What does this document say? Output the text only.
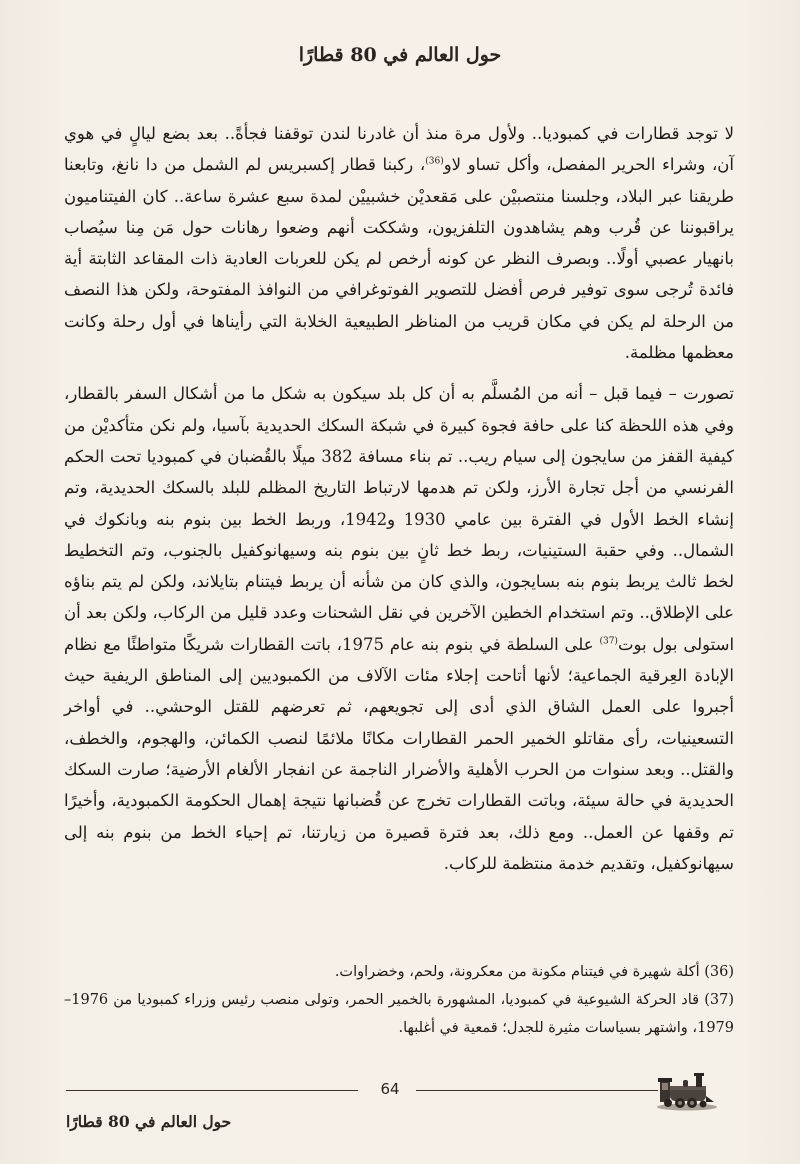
حول العالم في 80 قطارًا

لا توجد قطارات في كمبوديا.. ولأول مرة منذ أن غادرنا لندن توقفنا فجأةً.. بعد بضع ليالٍ في هوي آن، وشراء الحرير المفصل، وأكل تساو لاو$^{(36)}$، ركبنا قطار إكسبريس لم الشمل من دا نانغ، وتابعنا طريقنا عبر البلاد، وجلسنا منتصبيْن على مَقعديْن خشبييْن لمدة سبع عشرة ساعة.. كان الفيتناميون يراقبوننا عن قُرب وهم يشاهدون التلفزيون، وشككت أنهم وضعوا رهانات حول مَن مِنا سيُصاب بانهيار عصبي أولًا.. وبصرف النظر عن كونه أرخص لم يكن للعربات العادية ذات المقاعد الثابتة أية فائدة تُرجى سوى توفير فرص أفضل للتصوير الفوتوغرافي من النوافذ المفتوحة، ولكن هذا النصف من الرحلة لم يكن في مكان قريب من المناظر الطبيعية الخلابة التي رأيناها في أول رحلة وكانت معظمها مظلمة.

تصورت – فيما قبل – أنه من المُسلَّم به أن كل بلد سيكون به شكل ما من أشكال السفر بالقطار، وفي هذه اللحظة كنا على حافة فجوة كبيرة في شبكة السكك الحديدية بآسيا، ولم نكن متأكديْن من كيفية القفز من سايجون إلى سيام ريب.. تم بناء مسافة 382 ميلًا بالقُضبان في كمبوديا تحت الحكم الفرنسي من أجل تجارة الأرز، ولكن تم هدمها لارتباط التاريخ المظلم للبلد بالسكك الحديدية، وتم إنشاء الخط الأول في الفترة بين عامي 1930 و1942، وربط الخط بين بنوم بنه وبانكوك في الشمال.. وفي حقبة الستينيات، ربط خط ثانٍ بين بنوم بنه وسيهانوكفيل بالجنوب، وتم التخطيط لخط ثالث يربط بنوم بنه بسايجون، والذي كان من شأنه أن يربط فيتنام بتايلاند، ولكن لم يتم بناؤه على الإطلاق.. وتم استخدام الخطين الآخرين في نقل الشحنات وعدد قليل من الركاب، ولكن بعد أن استولى بول بوت$^{(37)}$ على السلطة في بنوم بنه عام 1975، باتت القطارات شريكًا متواطئًا مع نظام الإبادة العِرقية الجماعية؛ لأنها أتاحت إجلاء مئات الآلاف من الكمبوديين إلى المناطق الريفية حيث أجبروا على العمل الشاق الذي أدى إلى تجويعهم، ثم تعرضهم للقتل الوحشي.. في أواخر التسعينيات، رأى مقاتلو الخمير الحمر القطارات مكانًا ملائمًا لنصب الكمائن، والهجوم، والخطف، والقتل.. وبعد سنوات من الحرب الأهلية والأضرار الناجمة عن انفجار الألغام الأرضية؛ صارت السكك الحديدية في حالة سيئة، وباتت القطارات تخرج عن قُضبانها نتيجة إهمال الحكومة الكمبودية، وأخيرًا تم وقفها عن العمل.. ومع ذلك، بعد فترة قصيرة من زيارتنا، تم إحياء الخط من بنوم بنه إلى سيهانوكفيل، وتقديم خدمة منتظمة للركاب.

(36) أكلة شهيرة في فيتنام مكونة من معكرونة، ولحم، وخضراوات.

(37) قاد الحركة الشيوعية في كمبوديا، المشهورة بالخمير الحمر، وتولى منصب رئيس وزراء كمبوديا من 1976– 1979، واشتهر بسياسات مثيرة للجدل؛ قمعية في أغلبها.

64
حول العالم في 80 قطارًا
